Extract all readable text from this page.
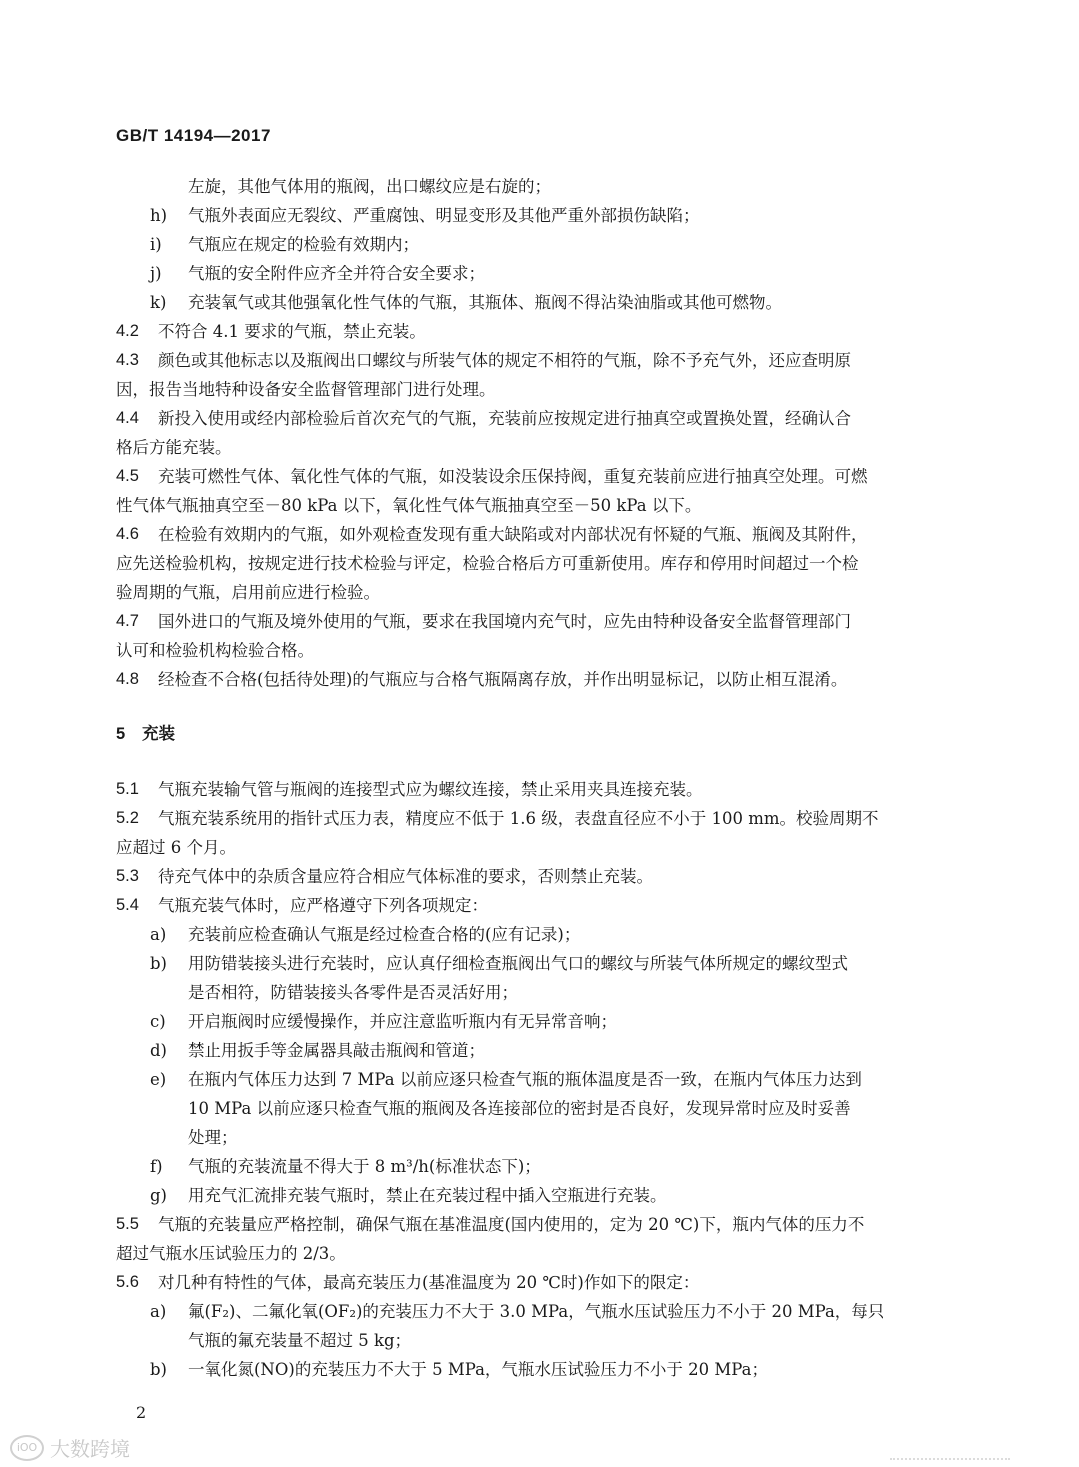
GB/T 14194—2017
左旋，其他气体用的瓶阀，出口螺纹应是右旋的；
h)	气瓶外表面应无裂纹、严重腐蚀、明显变形及其他严重外部损伤缺陷；
i)	气瓶应在规定的检验有效期内；
j)	气瓶的安全附件应齐全并符合安全要求；
k)	充装氧气或其他强氧化性气体的气瓶，其瓶体、瓶阀不得沾染油脂或其他可燃物。
4.2	不符合 4.1 要求的气瓶，禁止充装。
4.3	颜色或其他标志以及瓶阀出口螺纹与所装气体的规定不相符的气瓶，除不予充气外，还应查明原
因，报告当地特种设备安全监督管理部门进行处理。
4.4	新投入使用或经内部检验后首次充气的气瓶，充装前应按规定进行抽真空或置换处置，经确认合
格后方能充装。
4.5	充装可燃性气体、氧化性气体的气瓶，如没装设余压保持阀，重复充装前应进行抽真空处理。可燃
性气体气瓶抽真空至－80 kPa 以下，氧化性气体气瓶抽真空至－50 kPa 以下。
4.6	在检验有效期内的气瓶，如外观检查发现有重大缺陷或对内部状况有怀疑的气瓶、瓶阀及其附件，
应先送检验机构，按规定进行技术检验与评定，检验合格后方可重新使用。库存和停用时间超过一个检
验周期的气瓶，启用前应进行检验。
4.7	国外进口的气瓶及境外使用的气瓶，要求在我国境内充气时，应先由特种设备安全监督管理部门
认可和检验机构检验合格。
4.8	经检查不合格(包括待处理)的气瓶应与合格气瓶隔离存放，并作出明显标记，以防止相互混淆。
5	充装
5.1	气瓶充装输气管与瓶阀的连接型式应为螺纹连接，禁止采用夹具连接充装。
5.2	气瓶充装系统用的指针式压力表，精度应不低于 1.6 级，表盘直径应不小于 100 mm。校验周期不
应超过 6 个月。
5.3	待充气体中的杂质含量应符合相应气体标准的要求，否则禁止充装。
5.4	气瓶充装气体时，应严格遵守下列各项规定：
a)	充装前应检查确认气瓶是经过检查合格的(应有记录)；
b)	用防错装接头进行充装时，应认真仔细检查瓶阀出气口的螺纹与所装气体所规定的螺纹型式
是否相符，防错装接头各零件是否灵活好用；
c)	开启瓶阀时应缓慢操作，并应注意监听瓶内有无异常音响；
d)	禁止用扳手等金属器具敲击瓶阀和管道；
e)	在瓶内气体压力达到 7 MPa 以前应逐只检查气瓶的瓶体温度是否一致，在瓶内气体压力达到
10 MPa 以前应逐只检查气瓶的瓶阀及各连接部位的密封是否良好，发现异常时应及时妥善
处理；
f)	气瓶的充装流量不得大于 8 m³/h(标准状态下)；
g)	用充气汇流排充装气瓶时，禁止在充装过程中插入空瓶进行充装。
5.5	气瓶的充装量应严格控制，确保气瓶在基准温度(国内使用的，定为 20 ℃)下，瓶内气体的压力不
超过气瓶水压试验压力的 2/3。
5.6	对几种有特性的气体，最高充装压力(基准温度为 20 ℃时)作如下的限定：
a)	氟(F₂)、二氟化氧(OF₂)的充装压力不大于 3.0 MPa，气瓶水压试验压力不小于 20 MPa，每只
气瓶的氟充装量不超过 5 kg；
b)	一氧化氮(NO)的充装压力不大于 5 MPa，气瓶水压试验压力不小于 20 MPa；
2
iOO 大数跨境
